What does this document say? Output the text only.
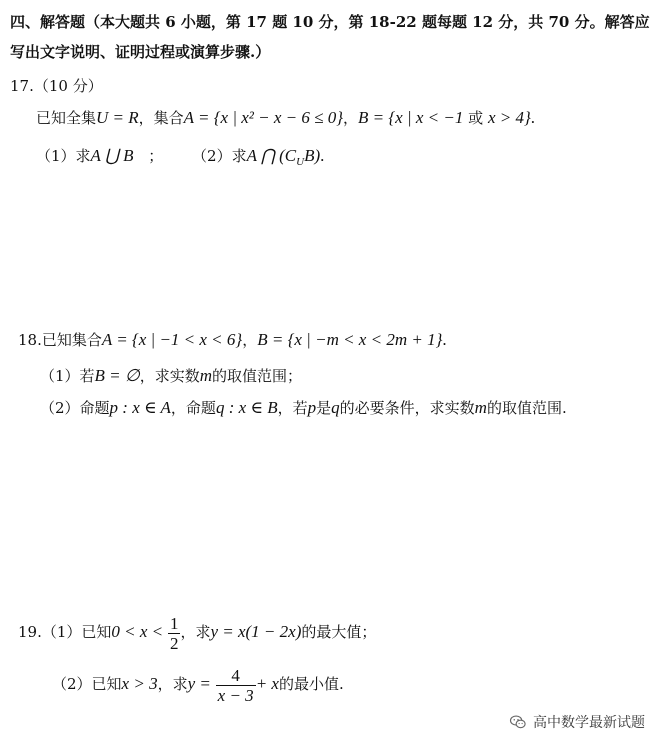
四、解答题（本大题共 6 小题，第 17 题 10 分，第 18-22 题每题 12 分，共 70 分。解答应
写出文字说明、证明过程或演算步骤.）
17.（10 分）
已知全集U = R，集合A = {x | x² − x − 6 ≤ 0}，B = {x | x < −1 或 x > 4}.
（1）求A ⋃ B ； （2）求A ⋂ $(C_UB)$.
18.已知集合A = {x | −1 < x < 6}，B = {x | −m < x < 2m + 1}.
（1）若B = ∅，求实数m的取值范围；
（2）命题p : x ∈ A，命题q : x ∈ B，若p是q的必要条件，求实数m的取值范围.
19.（1）已知$0 < x < \frac{1}{2}$ ，求y = x(1 − 2x)的最大值；
（2）已知x > 3，求$y = \frac{4}{x - 3} + x$的最小值.
高中数学最新试题
